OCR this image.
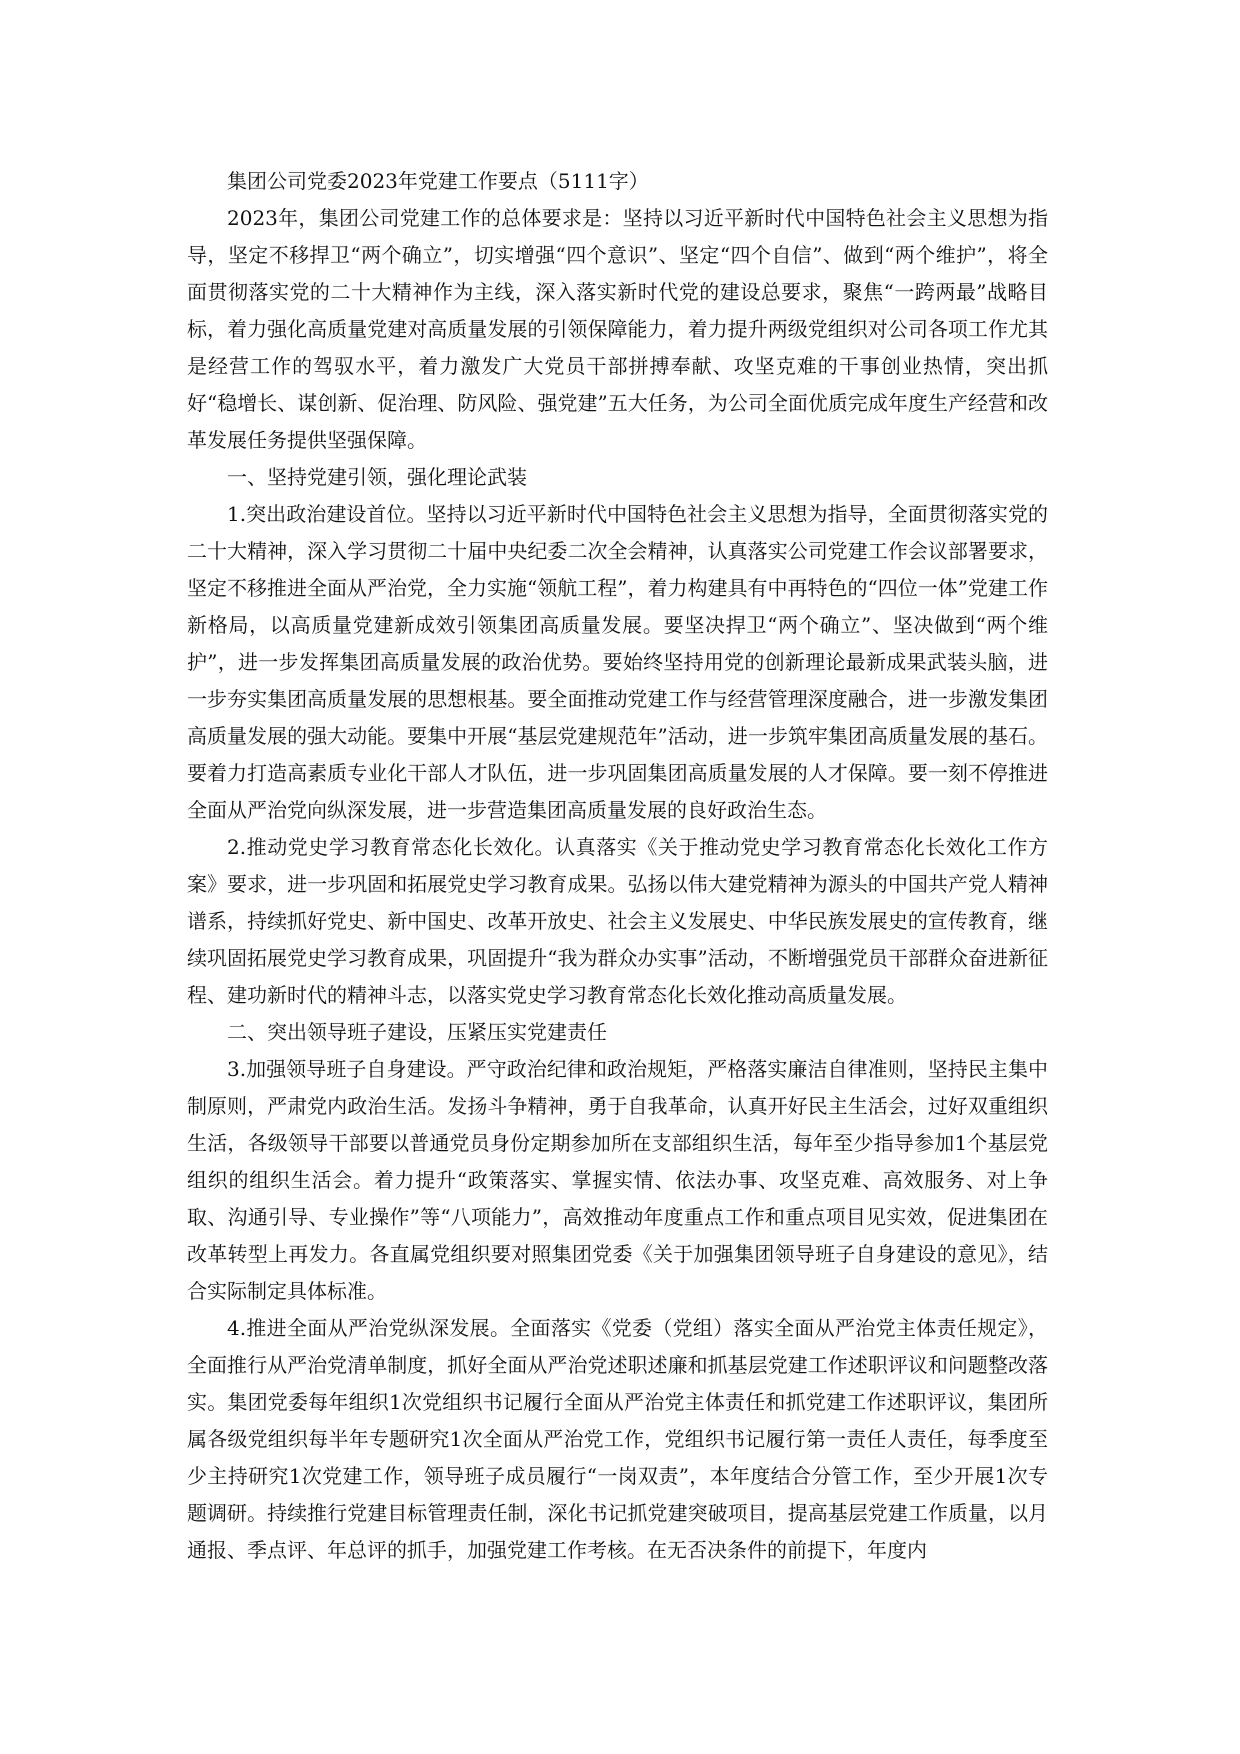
集团公司党委2023年党建工作要点（5111字）

2023年，集团公司党建工作的总体要求是：坚持以习近平新时代中国特色社会主义思想为指导，坚定不移捍卫“两个确立”，切实增强“四个意识”、坚定“四个自信”、做到“两个维护”，将全面贯彻落实党的二十大精神作为主线，深入落实新时代党的建设总要求，聚焦“一跨两最”战略目标，着力强化高质量党建对高质量发展的引领保障能力，着力提升两级党组织对公司各项工作尤其是经营工作的驾驭水平，着力激发广大党员干部拼搏奉献、攻坚克难的干事创业热情，突出抓好“稳增长、谋创新、促治理、防风险、强党建”五大任务，为公司全面优质完成年度生产经营和改革发展任务提供坚强保障。

一、坚持党建引领，强化理论武装

1.突出政治建设首位。坚持以习近平新时代中国特色社会主义思想为指导，全面贯彻落实党的二十大精神，深入学习贯彻二十届中央纪委二次全会精神，认真落实公司党建工作会议部署要求，坚定不移推进全面从严治党，全力实施“领航工程”，着力构建具有中再特色的“四位一体”党建工作新格局，以高质量党建新成效引领集团高质量发展。要坚决捍卫“两个确立”、坚决做到“两个维护”，进一步发挥集团高质量发展的政治优势。要始终坚持用党的创新理论最新成果武装头脑，进一步夯实集团高质量发展的思想根基。要全面推动党建工作与经营管理深度融合，进一步激发集团高质量发展的强大动能。要集中开展“基层党建规范年”活动，进一步筑牢集团高质量发展的基石。要着力打造高素质专业化干部人才队伍，进一步巩固集团高质量发展的人才保障。要一刻不停推进全面从严治党向纵深发展，进一步营造集团高质量发展的良好政治生态。

2.推动党史学习教育常态化长效化。认真落实《关于推动党史学习教育常态化长效化工作方案》要求，进一步巩固和拓展党史学习教育成果。弘扬以伟大建党精神为源头的中国共产党人精神谱系，持续抓好党史、新中国史、改革开放史、社会主义发展史、中华民族发展史的宣传教育，继续巩固拓展党史学习教育成果，巩固提升“我为群众办实事”活动，不断增强党员干部群众奋进新征程、建功新时代的精神斗志，以落实党史学习教育常态化长效化推动高质量发展。

二、突出领导班子建设，压紧压实党建责任

3.加强领导班子自身建设。严守政治纪律和政治规矩，严格落实廉洁自律准则，坚持民主集中制原则，严肃党内政治生活。发扬斗争精神，勇于自我革命，认真开好民主生活会，过好双重组织生活，各级领导干部要以普通党员身份定期参加所在支部组织生活，每年至少指导参加1个基层党组织的组织生活会。着力提升“政策落实、掌握实情、依法办事、攻坚克难、高效服务、对上争取、沟通引导、专业操作”等“八项能力”，高效推动年度重点工作和重点项目见实效，促进集团在改革转型上再发力。各直属党组织要对照集团党委《关于加强集团领导班子自身建设的意见》，结合实际制定具体标准。

4.推进全面从严治党纵深发展。全面落实《党委（党组）落实全面从严治党主体责任规定》，全面推行从严治党清单制度，抓好全面从严治党述职述廉和抓基层党建工作述职评议和问题整改落实。集团党委每年组织1次党组织书记履行全面从严治党主体责任和抓党建工作述职评议，集团所属各级党组织每半年专题研究1次全面从严治党工作，党组织书记履行第一责任人责任，每季度至少主持研究1次党建工作，领导班子成员履行“一岗双责”，本年度结合分管工作，至少开展1次专题调研。持续推行党建目标管理责任制，深化书记抓党建突破项目，提高基层党建工作质量，以月通报、季点评、年总评的抓手，加强党建工作考核。在无否决条件的前提下，年度内
